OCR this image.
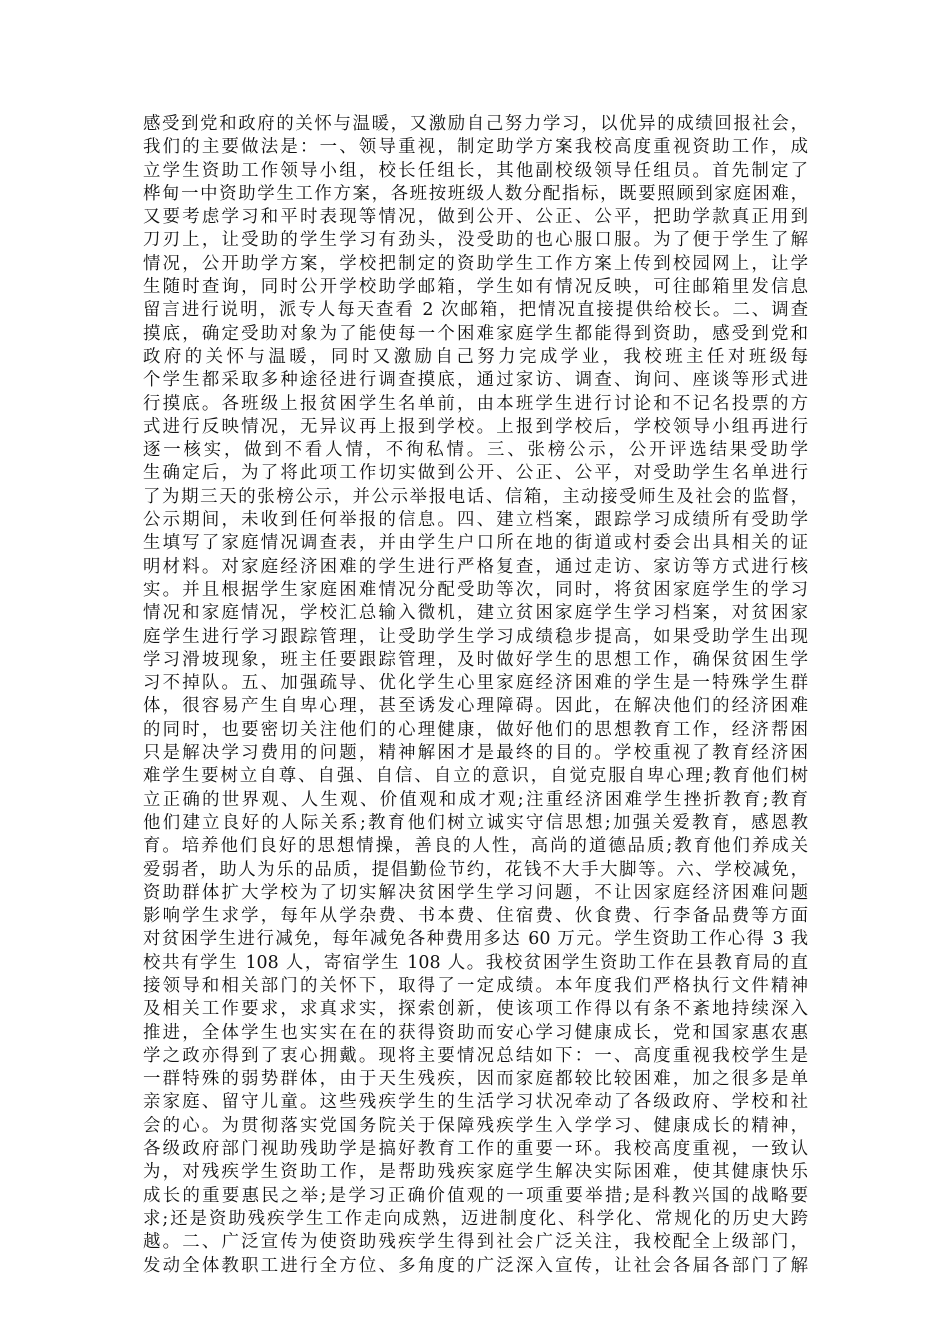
感受到党和政府的关怀与温暖，又激励自己努力学习，以优异的成绩回报社会，
我们的主要做法是：一、领导重视，制定助学方案我校高度重视资助工作，成
立学生资助工作领导小组，校长任组长，其他副校级领导任组员。首先制定了
桦甸一中资助学生工作方案，各班按班级人数分配指标，既要照顾到家庭困难，
又要考虑学习和平时表现等情况，做到公开、公正、公平，把助学款真正用到
刀刃上，让受助的学生学习有劲头，没受助的也心服口服。为了便于学生了解
情况，公开助学方案，学校把制定的资助学生工作方案上传到校园网上，让学
生随时查询，同时公开学校助学邮箱，学生如有情况反映，可往邮箱里发信息
留言进行说明，派专人每天查看 2 次邮箱，把情况直接提供给校长。二、调查
摸底，确定受助对象为了能使每一个困难家庭学生都能得到资助，感受到党和
政府的关怀与温暖，同时又激励自己努力完成学业，我校班主任对班级每
个学生都采取多种途径进行调查摸底，通过家访、调查、询问、座谈等形式进
行摸底。各班级上报贫困学生名单前，由本班学生进行讨论和不记名投票的方
式进行反映情况，无异议再上报到学校。上报到学校后，学校领导小组再进行
逐一核实，做到不看人情，不徇私情。三、张榜公示，公开评选结果受助学
生确定后，为了将此项工作切实做到公开、公正、公平，对受助学生名单进行
了为期三天的张榜公示，并公示举报电话、信箱，主动接受师生及社会的监督，
公示期间，未收到任何举报的信息。四、建立档案，跟踪学习成绩所有受助学
生填写了家庭情况调查表，并由学生户口所在地的街道或村委会出具相关的证
明材料。对家庭经济困难的学生进行严格复查，通过走访、家访等方式进行核
实。并且根据学生家庭困难情况分配受助等次，同时，将贫困家庭学生的学习
情况和家庭情况，学校汇总输入微机，建立贫困家庭学生学习档案，对贫困家
庭学生进行学习跟踪管理，让受助学生学习成绩稳步提高，如果受助学生出现
学习滑坡现象，班主任要跟踪管理，及时做好学生的思想工作，确保贫困生学
习不掉队。五、加强疏导、优化学生心里家庭经济困难的学生是一特殊学生群
体，很容易产生自卑心理，甚至诱发心理障碍。因此，在解决他们的经济困难
的同时，也要密切关注他们的心理健康，做好他们的思想教育工作，经济帮困
只是解决学习费用的问题，精神解困才是最终的目的。学校重视了教育经济困
难学生要树立自尊、自强、自信、自立的意识，自觉克服自卑心理;教育他们树
立正确的世界观、人生观、价值观和成才观;注重经济困难学生挫折教育;教育
他们建立良好的人际关系;教育他们树立诚实守信思想;加强关爱教育，感恩教
育。培养他们良好的思想情操，善良的人性，高尚的道德品质;教育他们养成关
爱弱者，助人为乐的品质，提倡勤俭节约，花钱不大手大脚等。六、学校减免，
资助群体扩大学校为了切实解决贫困学生学习问题，不让因家庭经济困难问题
影响学生求学，每年从学杂费、书本费、住宿费、伙食费、行李备品费等方面
对贫困学生进行减免，每年减免各种费用多达 60 万元。学生资助工作心得 3 我
校共有学生 108 人，寄宿学生 108 人。我校贫困学生资助工作在县教育局的直
接领导和相关部门的关怀下，取得了一定成绩。本年度我们严格执行文件精神
及相关工作要求，求真求实，探索创新，使该项工作得以有条不紊地持续深入
推进，全体学生也实实在在的获得资助而安心学习健康成长，党和国家惠农惠
学之政亦得到了衷心拥戴。现将主要情况总结如下：一、高度重视我校学生是
一群特殊的弱势群体，由于天生残疾，因而家庭都较比较困难，加之很多是单
亲家庭、留守儿童。这些残疾学生的生活学习状况牵动了各级政府、学校和社
会的心。为贯彻落实党国务院关于保障残疾学生入学学习、健康成长的精神，
各级政府部门视助残助学是搞好教育工作的重要一环。我校高度重视，一致认
为，对残疾学生资助工作，是帮助残疾家庭学生解决实际困难，使其健康快乐
成长的重要惠民之举;是学习正确价值观的一项重要举措;是科教兴国的战略要
求;还是资助残疾学生工作走向成熟，迈进制度化、科学化、常规化的历史大跨
越。二、广泛宣传为使资助残疾学生得到社会广泛关注，我校配全上级部门，
发动全体教职工进行全方位、多角度的广泛深入宣传，让社会各届各部门了解
